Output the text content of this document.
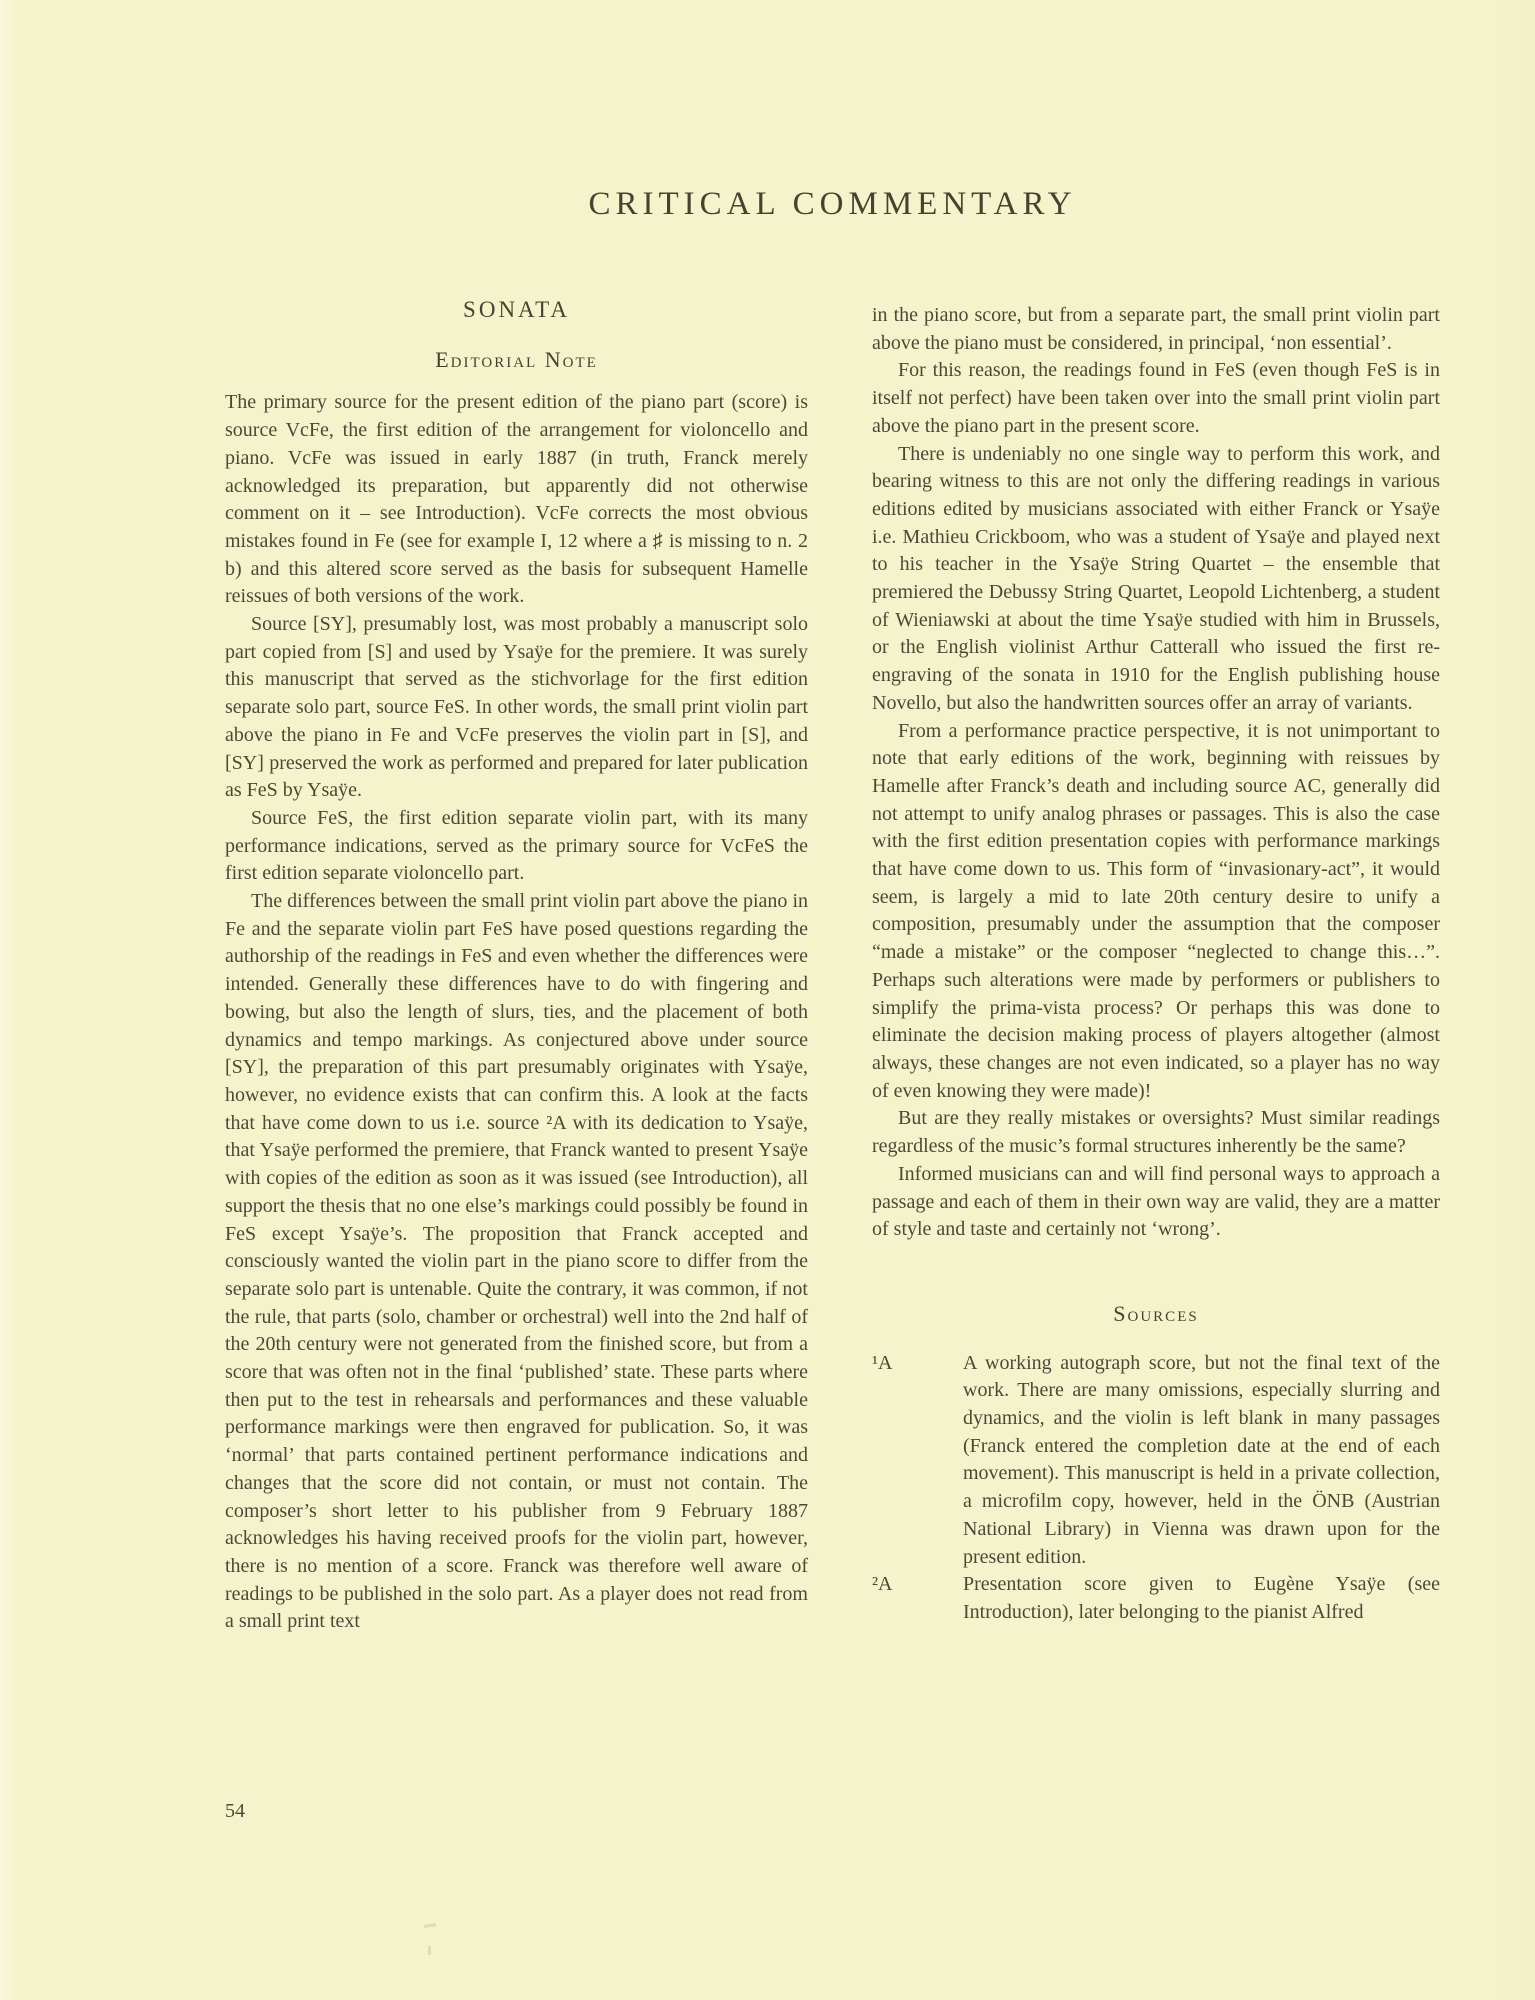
CRITICAL COMMENTARY
SONATA
Editorial Note

The primary source for the present edition of the piano part (score) is source VcFe, the first edition of the arrangement for violoncello and piano. VcFe was issued in early 1887 (in truth, Franck merely acknowledged its preparation, but apparently did not otherwise comment on it – see Introduction). VcFe corrects the most obvious mistakes found in Fe (see for example I, 12 where a ♯ is missing to n. 2 b) and this altered score served as the basis for subsequent Hamelle reissues of both versions of the work.

Source [SY], presumably lost, was most probably a manuscript solo part copied from [S] and used by Ysaÿe for the premiere. It was surely this manuscript that served as the stichvorlage for the first edition separate solo part, source FeS. In other words, the small print violin part above the piano in Fe and VcFe preserves the violin part in [S], and [SY] preserved the work as performed and prepared for later publication as FeS by Ysaÿe.

Source FeS, the first edition separate violin part, with its many performance indications, served as the primary source for VcFeS the first edition separate violoncello part.

The differences between the small print violin part above the piano in Fe and the separate violin part FeS have posed questions regarding the authorship of the readings in FeS and even whether the differences were intended. Generally these differences have to do with fingering and bowing, but also the length of slurs, ties, and the placement of both dynamics and tempo markings. As conjectured above under source [SY], the preparation of this part presumably originates with Ysaÿe, however, no evidence exists that can confirm this. A look at the facts that have come down to us i.e. source ²A with its dedication to Ysaÿe, that Ysaÿe performed the premiere, that Franck wanted to present Ysaÿe with copies of the edition as soon as it was issued (see Introduction), all support the thesis that no one else’s markings could possibly be found in FeS except Ysaÿe’s. The proposition that Franck accepted and consciously wanted the violin part in the piano score to differ from the separate solo part is untenable. Quite the contrary, it was common, if not the rule, that parts (solo, chamber or orchestral) well into the 2nd half of the 20th century were not generated from the finished score, but from a score that was often not in the final ‘published’ state. These parts where then put to the test in rehearsals and performances and these valuable performance markings were then engraved for publication. So, it was ‘normal’ that parts contained pertinent performance indications and changes that the score did not contain, or must not contain. The composer’s short letter to his publisher from 9 February 1887 acknowledges his having received proofs for the violin part, however, there is no mention of a score. Franck was therefore well aware of readings to be published in the solo part. As a player does not read from a small print text

in the piano score, but from a separate part, the small print violin part above the piano must be considered, in principal, ‘non essential’.

For this reason, the readings found in FeS (even though FeS is in itself not perfect) have been taken over into the small print violin part above the piano part in the present score.

There is undeniably no one single way to perform this work, and bearing witness to this are not only the differing readings in various editions edited by musicians associated with either Franck or Ysaÿe i.e. Mathieu Crickboom, who was a student of Ysaÿe and played next to his teacher in the Ysaÿe String Quartet – the ensemble that premiered the Debussy String Quartet, Leopold Lichtenberg, a student of Wieniawski at about the time Ysaÿe studied with him in Brussels, or the English violinist Arthur Catterall who issued the first re-engraving of the sonata in 1910 for the English publishing house Novello, but also the handwritten sources offer an array of variants.

From a performance practice perspective, it is not unimportant to note that early editions of the work, beginning with reissues by Hamelle after Franck’s death and including source AC, generally did not attempt to unify analog phrases or passages. This is also the case with the first edition presentation copies with performance markings that have come down to us. This form of “invasionary-act”, it would seem, is largely a mid to late 20th century desire to unify a composition, presumably under the assumption that the composer “made a mistake” or the composer “neglected to change this…”. Perhaps such alterations were made by performers or publishers to simplify the prima-vista process? Or perhaps this was done to eliminate the decision making process of players altogether (almost always, these changes are not even indicated, so a player has no way of even knowing they were made)!

But are they really mistakes or oversights? Must similar readings regardless of the music’s formal structures inherently be the same?

Informed musicians can and will find personal ways to approach a passage and each of them in their own way are valid, they are a matter of style and taste and certainly not ‘wrong’.

Sources
¹A	A working autograph score, but not the final text of the work. There are many omissions, especially slurring and dynamics, and the violin is left blank in many passages (Franck entered the completion date at the end of each movement). This manuscript is held in a private collection, a microfilm copy, however, held in the ÖNB (Austrian National Library) in Vienna was drawn upon for the present edition.
²A	Presentation score given to Eugène Ysaÿe (see Introduction), later belonging to the pianist Alfred
54
